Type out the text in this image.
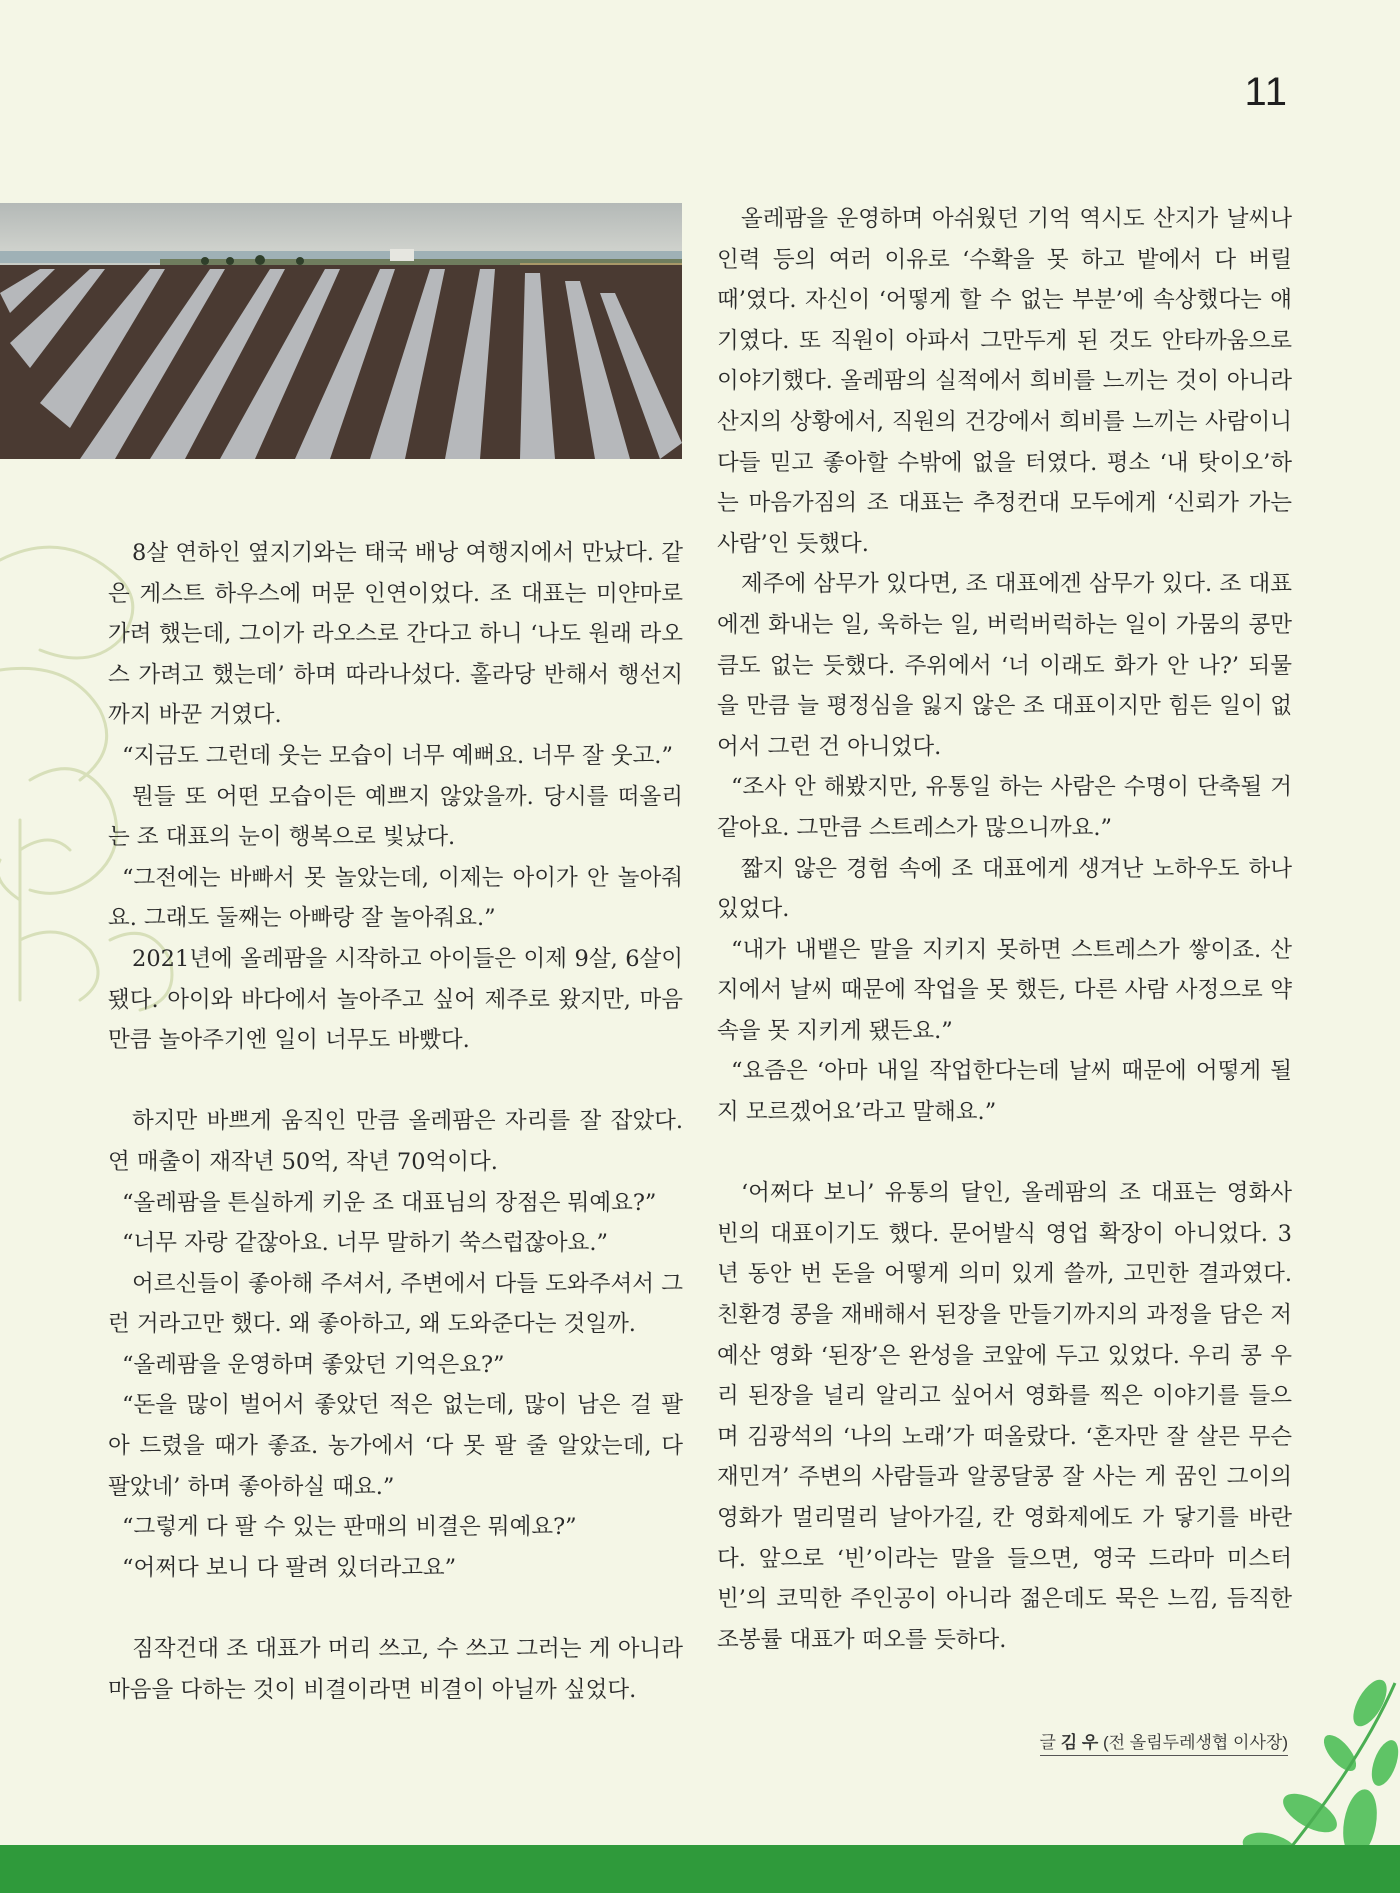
11

8살 연하인 옆지기와는 태국 배낭 여행지에서 만났다. 같은 게스트 하우스에 머문 인연이었다. 조 대표는 미얀마로 가려 했는데, 그이가 라오스로 간다고 하니 ‘나도 원래 라오스 가려고 했는데’ 하며 따라나섰다. 홀라당 반해서 행선지까지 바꾼 거였다.

“지금도 그런데 웃는 모습이 너무 예뻐요. 너무 잘 웃고.”

뭔들 또 어떤 모습이든 예쁘지 않았을까. 당시를 떠올리는 조 대표의 눈이 행복으로 빛났다.

“그전에는 바빠서 못 놀았는데, 이제는 아이가 안 놀아줘요. 그래도 둘째는 아빠랑 잘 놀아줘요.”

2021년에 올레팜을 시작하고 아이들은 이제 9살, 6살이 됐다. 아이와 바다에서 놀아주고 싶어 제주로 왔지만, 마음만큼 놀아주기엔 일이 너무도 바빴다.

하지만 바쁘게 움직인 만큼 올레팜은 자리를 잘 잡았다. 연 매출이 재작년 50억, 작년 70억이다.

“올레팜을 튼실하게 키운 조 대표님의 장점은 뭐예요?”

“너무 자랑 같잖아요. 너무 말하기 쑥스럽잖아요.”

어르신들이 좋아해 주셔서, 주변에서 다들 도와주셔서 그런 거라고만 했다. 왜 좋아하고, 왜 도와준다는 것일까.

“올레팜을 운영하며 좋았던 기억은요?”

“돈을 많이 벌어서 좋았던 적은 없는데, 많이 남은 걸 팔아 드렸을 때가 좋죠. 농가에서 ‘다 못 팔 줄 알았는데, 다 팔았네’ 하며 좋아하실 때요.”

“그렇게 다 팔 수 있는 판매의 비결은 뭐예요?”

“어쩌다 보니 다 팔려 있더라고요”

짐작건대 조 대표가 머리 쓰고, 수 쓰고 그러는 게 아니라 마음을 다하는 것이 비결이라면 비결이 아닐까 싶었다.

올레팜을 운영하며 아쉬웠던 기억 역시도 산지가 날씨나 인력 등의 여러 이유로 ‘수확을 못 하고 밭에서 다 버릴 때’였다. 자신이 ‘어떻게 할 수 없는 부분’에 속상했다는 얘기였다. 또 직원이 아파서 그만두게 된 것도 안타까움으로 이야기했다. 올레팜의 실적에서 희비를 느끼는 것이 아니라 산지의 상황에서, 직원의 건강에서 희비를 느끼는 사람이니 다들 믿고 좋아할 수밖에 없을 터였다. 평소 ‘내 탓이오’하는 마음가짐의 조 대표는 추정컨대 모두에게 ‘신뢰가 가는 사람’인 듯했다.

제주에 삼무가 있다면, 조 대표에겐 삼무가 있다. 조 대표에겐 화내는 일, 욱하는 일, 버럭버럭하는 일이 가뭄의 콩만큼도 없는 듯했다. 주위에서 ‘너 이래도 화가 안 나?’ 되물을 만큼 늘 평정심을 잃지 않은 조 대표이지만 힘든 일이 없어서 그런 건 아니었다.

“조사 안 해봤지만, 유통일 하는 사람은 수명이 단축될 거 같아요. 그만큼 스트레스가 많으니까요.”

짧지 않은 경험 속에 조 대표에게 생겨난 노하우도 하나 있었다.

“내가 내뱉은 말을 지키지 못하면 스트레스가 쌓이죠. 산지에서 날씨 때문에 작업을 못 했든, 다른 사람 사정으로 약속을 못 지키게 됐든요.”

“요즘은 ‘아마 내일 작업한다는데 날씨 때문에 어떻게 될지 모르겠어요’라고 말해요.”

‘어쩌다 보니’ 유통의 달인, 올레팜의 조 대표는 영화사 빈의 대표이기도 했다. 문어발식 영업 확장이 아니었다. 3년 동안 번 돈을 어떻게 의미 있게 쓸까, 고민한 결과였다. 친환경 콩을 재배해서 된장을 만들기까지의 과정을 담은 저예산 영화 ‘된장’은 완성을 코앞에 두고 있었다. 우리 콩 우리 된장을 널리 알리고 싶어서 영화를 찍은 이야기를 들으며 김광석의 ‘나의 노래’가 떠올랐다. ‘혼자만 잘 살믄 무슨 재민겨’ 주변의 사람들과 알콩달콩 잘 사는 게 꿈인 그이의 영화가 멀리멀리 날아가길, 칸 영화제에도 가 닿기를 바란다. 앞으로 ‘빈’이라는 말을 들으면, 영국 드라마 미스터 빈’의 코믹한 주인공이 아니라 젊은데도 묵은 느낌, 듬직한 조봉률 대표가 떠오를 듯하다.

글 김 우 (전 올림두레생협 이사장)
